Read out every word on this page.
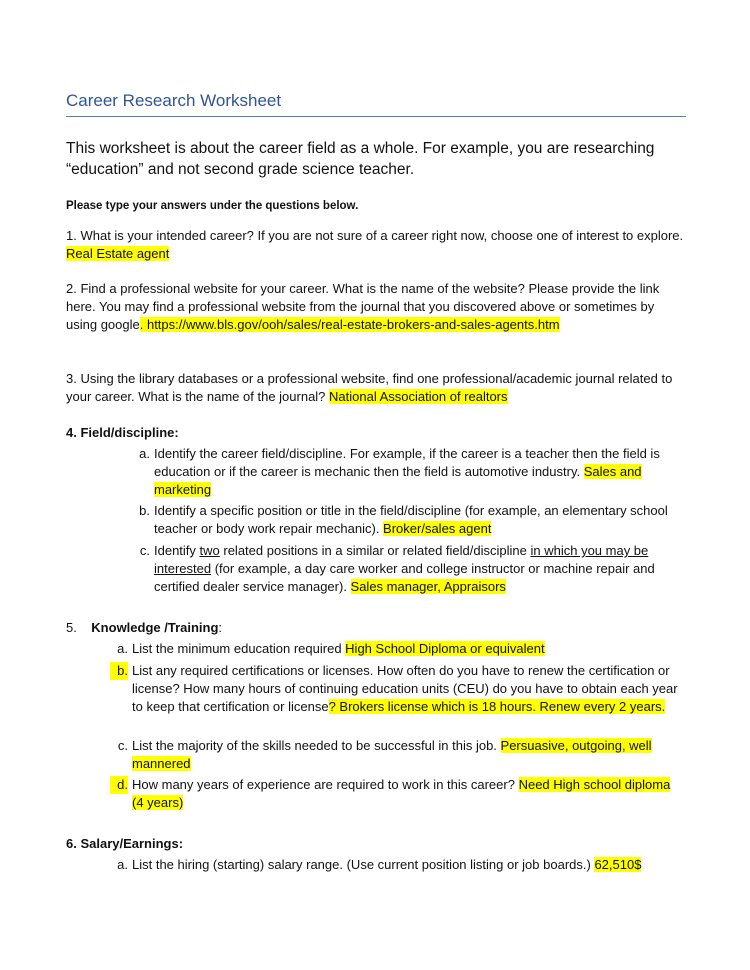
Career Research Worksheet
This worksheet is about the career field as a whole. For example, you are researching “education” and not second grade science teacher.
Please type your answers under the questions below.
1. What is your intended career? If you are not sure of a career right now, choose one of interest to explore. Real Estate agent
2. Find a professional website for your career. What is the name of the website? Please provide the link here. You may find a professional website from the journal that you discovered above or sometimes by using google. https://www.bls.gov/ooh/sales/real-estate-brokers-and-sales-agents.htm
3. Using the library databases or a professional website, find one professional/academic journal related to your career. What is the name of the journal? National Association of realtors
4. Field/discipline:
a. Identify the career field/discipline. For example, if the career is a teacher then the field is education or if the career is mechanic then the field is automotive industry. Sales and marketing
b. Identify a specific position or title in the field/discipline (for example, an elementary school teacher or body work repair mechanic). Broker/sales agent
c. Identify two related positions in a similar or related field/discipline in which you may be interested (for example, a day care worker and college instructor or machine repair and certified dealer service manager). Sales manager, Appraisors
5. Knowledge /Training:
a. List the minimum education required High School Diploma or equivalent
b. List any required certifications or licenses. How often do you have to renew the certification or license? How many hours of continuing education units (CEU) do you have to obtain each year to keep that certification or license? Brokers license which is 18 hours. Renew every 2 years.
c. List the majority of the skills needed to be successful in this job. Persuasive, outgoing, well mannered
d. How many years of experience are required to work in this career? Need High school diploma (4 years)
6. Salary/Earnings:
a. List the hiring (starting) salary range. (Use current position listing or job boards.) 62,510$
